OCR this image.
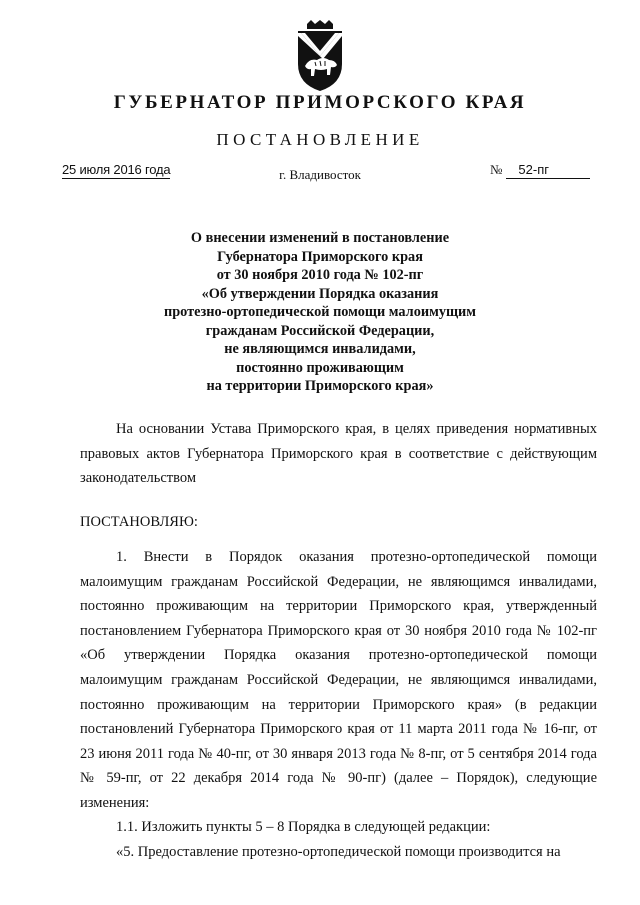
ГУБЕРНАТОР ПРИМОРСКОГО КРАЯ
ПОСТАНОВЛЕНИЕ
25 июля 2016 года	г. Владивосток	№ 52-пг
О внесении изменений в постановление
Губернатора Приморского края
от 30 ноября 2010 года № 102-пг
«Об утверждении Порядка оказания
протезно-ортопедической помощи малоимущим
гражданам Российской Федерации,
не являющимся инвалидами,
постоянно проживающим
на территории Приморского края»
На основании Устава Приморского края, в целях приведения нормативных правовых актов Губернатора Приморского края в соответствие с действующим законодательством
ПОСТАНОВЛЯЮ:
1. Внести в Порядок оказания протезно-ортопедической помощи малоимущим гражданам Российской Федерации, не являющимся инвалидами, постоянно проживающим на территории Приморского края, утвержденный постановлением Губернатора Приморского края от 30 ноября 2010 года № 102-пг «Об утверждении Порядка оказания протезно-ортопедической помощи малоимущим гражданам Российской Федерации, не являющимся инвалидами, постоянно проживающим на территории Приморского края» (в редакции постановлений Губернатора Приморского края от 11 марта 2011 года № 16-пг, от 23 июня 2011 года № 40-пг, от 30 января 2013 года № 8-пг, от 5 сентября 2014 года № 59-пг, от 22 декабря 2014 года № 90-пг) (далее – Порядок), следующие изменения:
1.1. Изложить пункты 5 – 8 Порядка в следующей редакции:
«5. Предоставление протезно-ортопедической помощи производится на
